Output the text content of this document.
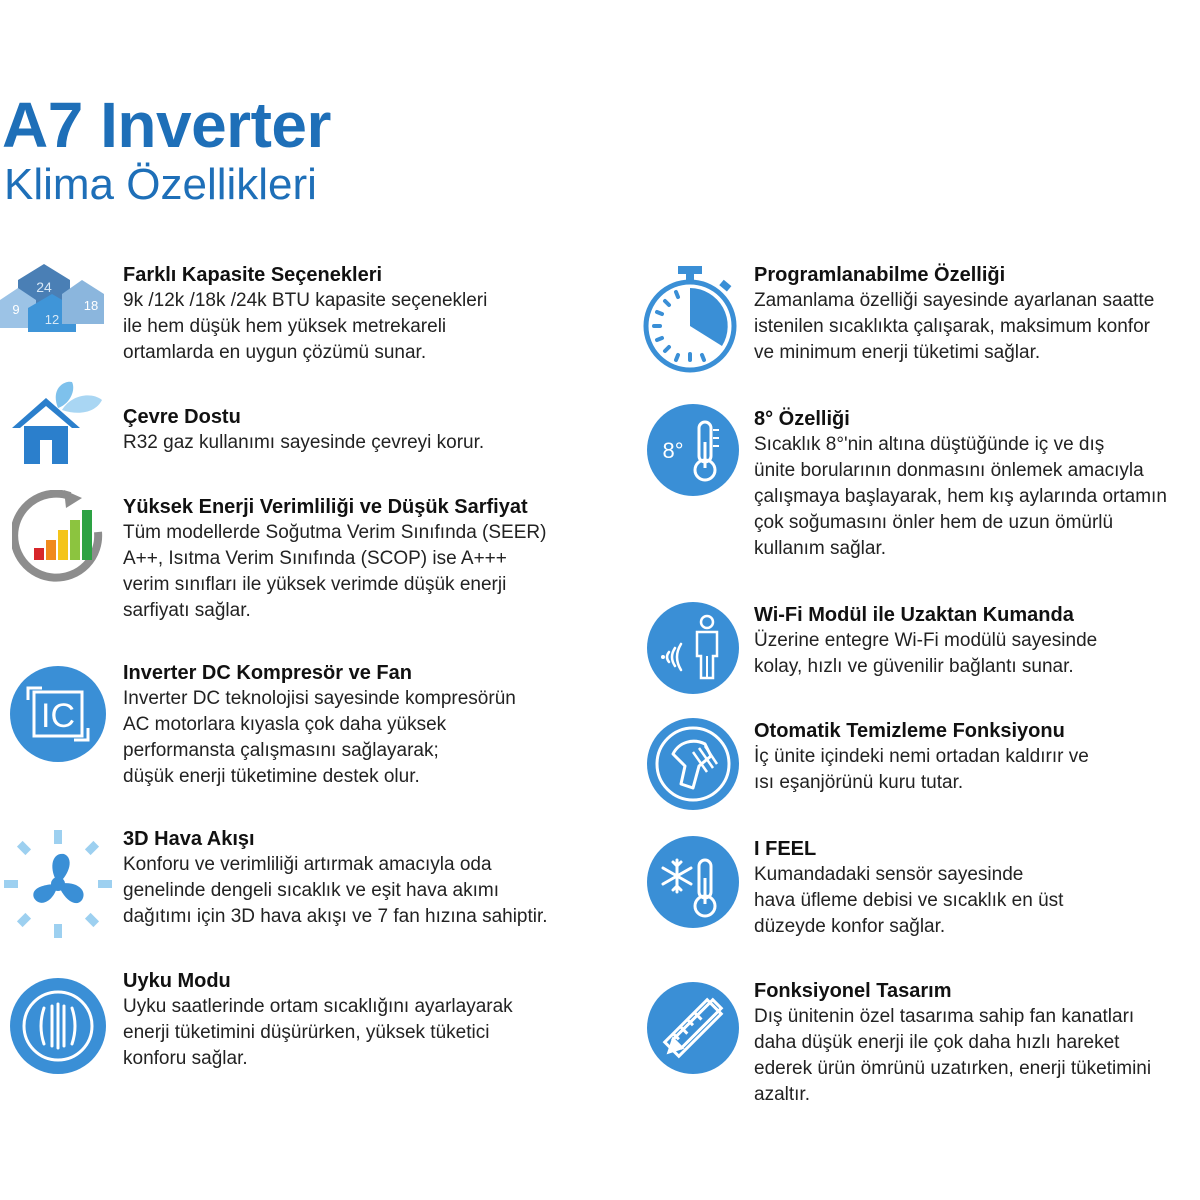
A7 Inverter
Klima Özellikleri
24
9
12
18
Farklı Kapasite Seçenekleri
9k /12k /18k /24k BTU kapasite seçenekleri
ile hem düşük hem yüksek metrekareli
ortamlarda en uygun çözümü sunar.
Çevre Dostu
R32 gaz kullanımı sayesinde çevreyi korur.
Yüksek Enerji Verimliliği ve Düşük Sarfiyat
Tüm modellerde Soğutma Verim Sınıfında (SEER)
A++, Isıtma Verim Sınıfında (SCOP) ise A+++
verim sınıfları ile yüksek verimde düşük enerji
sarfiyatı sağlar.
IC
Inverter DC Kompresör ve Fan
Inverter DC teknolojisi sayesinde kompresörün
AC motorlara kıyasla çok daha yüksek
performansta çalışmasını sağlayarak;
düşük enerji tüketimine destek olur.
3D Hava Akışı
Konforu ve verimliliği artırmak amacıyla oda
genelinde dengeli sıcaklık ve eşit hava akımı
dağıtımı için 3D hava akışı ve 7 fan hızına sahiptir.
Uyku Modu
Uyku saatlerinde ortam sıcaklığını ayarlayarak
enerji tüketimini düşürürken, yüksek tüketici
konforu sağlar.
Programlanabilme Özelliği
Zamanlama özelliği sayesinde ayarlanan saatte
istenilen sıcaklıkta çalışarak, maksimum konfor
ve minimum enerji tüketimi sağlar.
8°
8° Özelliği
Sıcaklık 8°'nin altına düştüğünde iç ve dış
ünite borularının donmasını önlemek amacıyla
çalışmaya başlayarak, hem kış aylarında ortamın
çok soğumasını önler hem de uzun ömürlü
kullanım sağlar.
Wi-Fi Modül ile Uzaktan Kumanda
Üzerine entegre Wi-Fi modülü sayesinde
kolay, hızlı ve güvenilir bağlantı sunar.
Otomatik Temizleme Fonksiyonu
İç ünite içindeki nemi ortadan kaldırır ve
ısı eşanjörünü kuru tutar.
I FEEL
Kumandadaki sensör sayesinde
hava üfleme debisi ve sıcaklık en üst
düzeyde konfor sağlar.
Fonksiyonel Tasarım
Dış ünitenin özel tasarıma sahip fan kanatları
daha düşük enerji ile çok daha hızlı hareket
ederek ürün ömrünü uzatırken, enerji tüketimini
azaltır.
